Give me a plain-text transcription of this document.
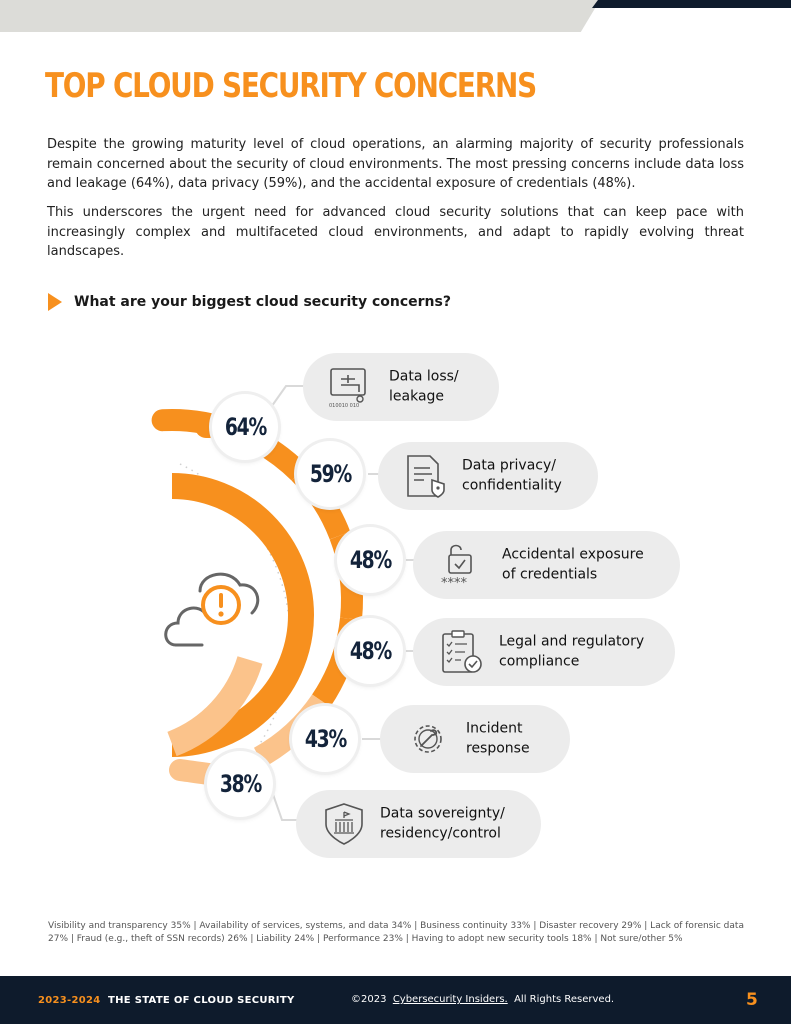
TOP CLOUD SECURITY CONCERNS

Despite the growing maturity level of cloud operations, an alarming majority of security professionals remain concerned about the security of cloud environments. The most pressing concerns include data loss and leakage (64%), data privacy (59%), and the accidental exposure of credentials (48%).

This underscores the urgent need for advanced cloud security solutions that can keep pace with increasingly complex and multifaceted cloud environments, and adapt to rapidly evolving threat landscapes.

What are your biggest cloud security concerns?
64%
59%
48%
48%
43%
38%
010010 010
Data loss/
leakage
Data privacy/
confidentiality
****
Accidental exposure
of credentials
Legal and regulatory
compliance
Incident
response
Data sovereignty/
residency/control

Visibility and transparency 35% | Availability of services, systems, and data 34% | Business continuity 33% | Disaster recovery 29% | Lack of forensic data 27% | Fraud (e.g., theft of SSN records) 26% | Liability 24% | Performance 23% | Having to adopt new security tools 18% | Not sure/other 5%

2023-2024 THE STATE OF CLOUD SECURITY	©2023 Cybersecurity Insiders. All Rights Reserved.	5
